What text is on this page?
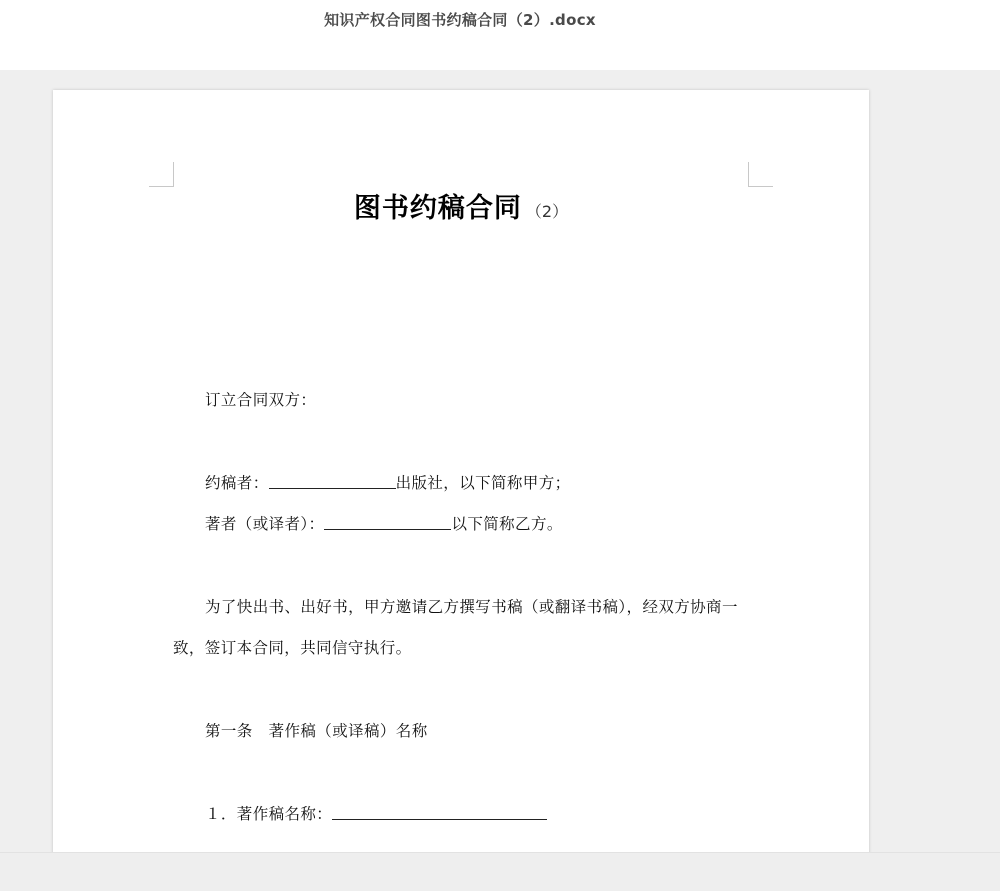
知识产权合同图书约稿合同（2）.docx
图书约稿合同 （2）
订立合同双方：
约稿者：	出版社，以下简称甲方；
著者（或译者）：	以下简称乙方。
为了快出书、出好书，甲方邀请乙方撰写书稿（或翻译书稿），经双方协商一
致，签订本合同，共同信守执行。
第一条　著作稿（或译稿）名称
１．著作稿名称：
